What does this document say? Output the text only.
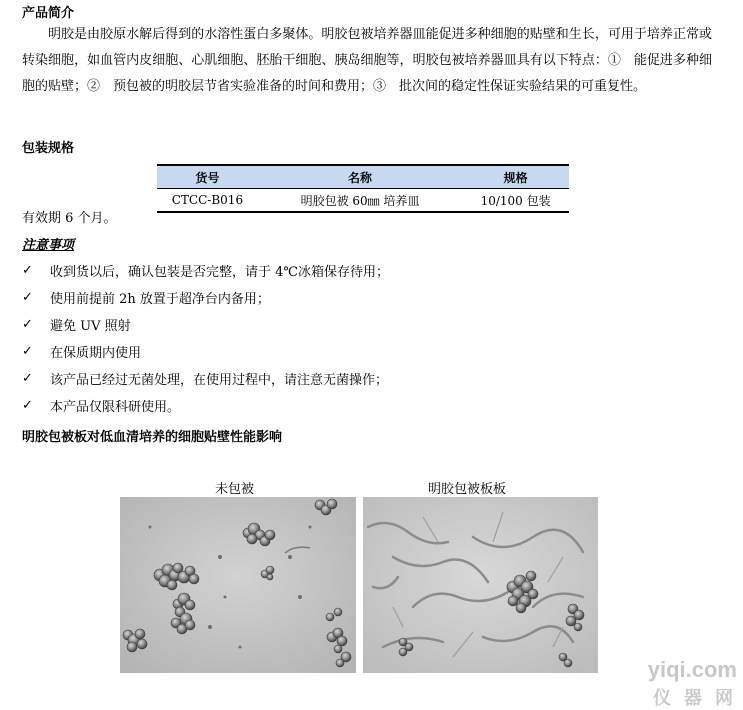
产品简介
明胶是由胶原水解后得到的水溶性蛋白多聚体。明胶包被培养器皿能促进多种细胞的贴壁和生长，可用于培养正常或转染细胞，如血管内皮细胞、心肌细胞、胚胎干细胞、胰岛细胞等，明胶包被培养器皿具有以下特点：①　能促进多种细胞的贴壁；②　预包被的明胶层节省实验准备的时间和费用；③　批次间的稳定性保证实验结果的可重复性。
包装规格
货号	名称	规格
CTCC-B016	明胶包被 60㎜ 培养皿	10/100 包装
有效期 6 个月。
注意事项
✓	收到货以后，确认包装是否完整，请于 4℃冰箱保存待用；
✓	使用前提前 2h 放置于超净台内备用；
✓	避免 UV 照射
✓	在保质期内使用
✓	该产品已经过无菌处理，在使用过程中，请注意无菌操作；
✓	本产品仅限科研使用。
明胶包被板对低血清培养的细胞贴壁性能影响
未包被	明胶包被板板
yiqi.com
仪 器 网
